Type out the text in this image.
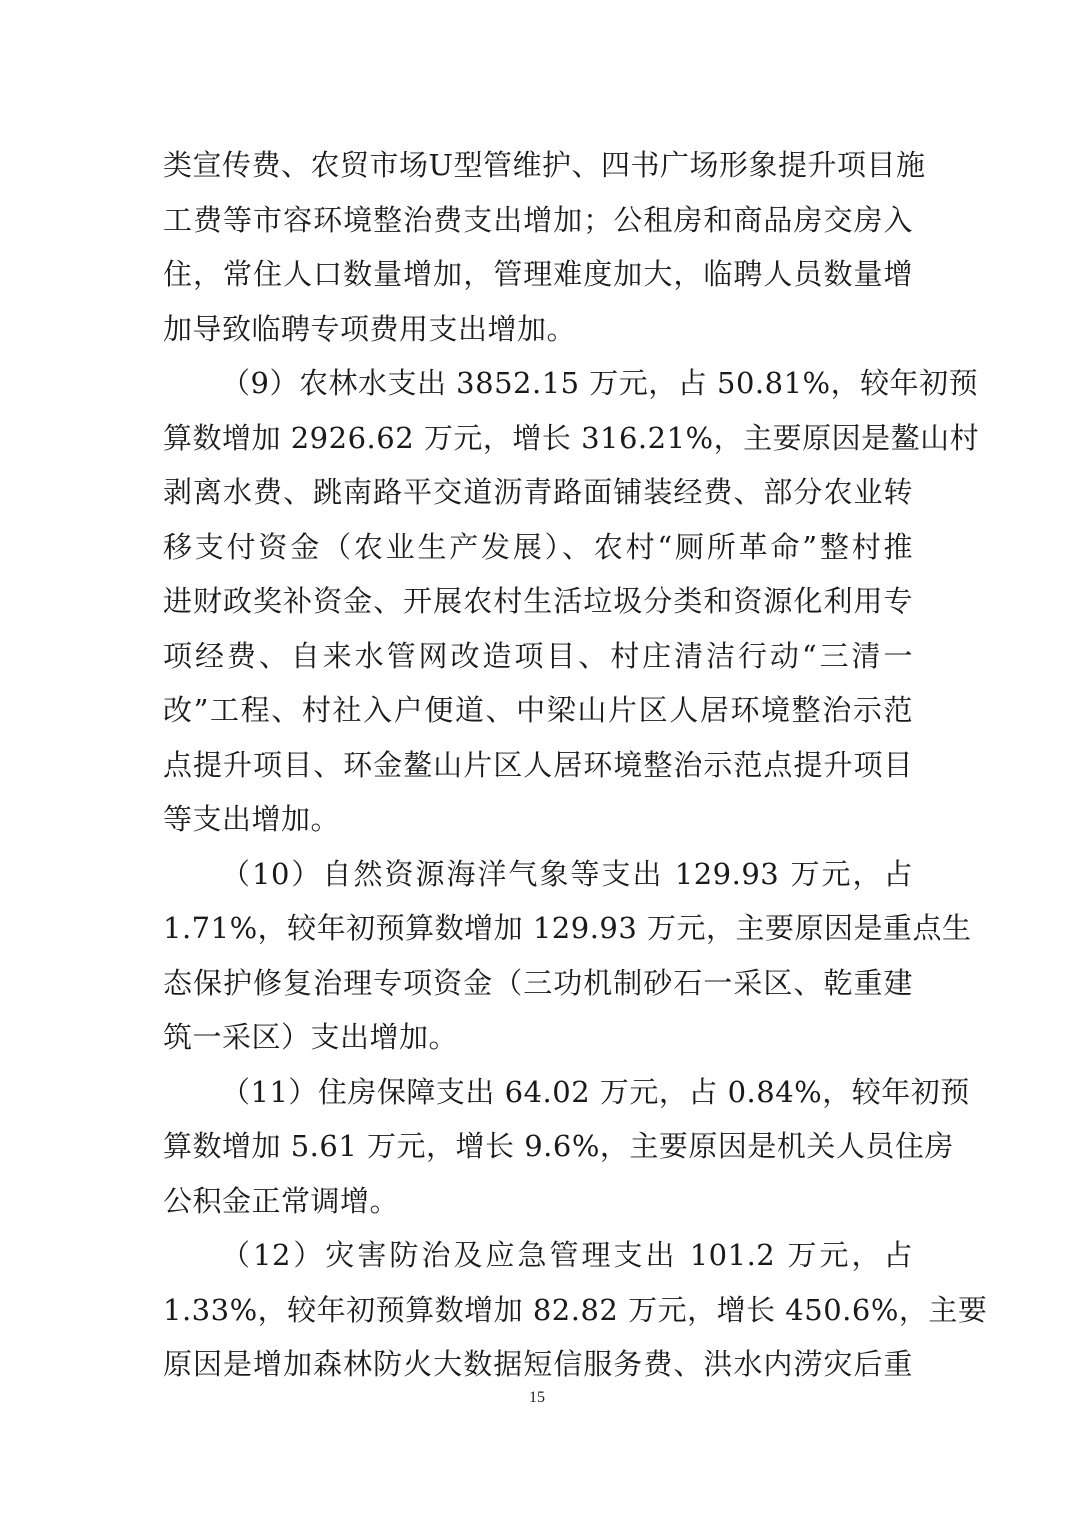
类宣传费、农贸市场U型管维护、四书广场形象提升项目施
工费等市容环境整治费支出增加；公租房和商品房交房入
住，常住人口数量增加，管理难度加大，临聘人员数量增
加导致临聘专项费用支出增加。
（9）农林水支出 3852.15 万元，占 50.81%，较年初预
算数增加 2926.62 万元，增长 316.21%，主要原因是鳌山村
剥离水费、跳南路平交道沥青路面铺装经费、部分农业转
移支付资金（农业生产发展）、农村“厕所革命”整村推
进财政奖补资金、开展农村生活垃圾分类和资源化利用专
项经费、自来水管网改造项目、村庄清洁行动“三清一
改”工程、村社入户便道、中梁山片区人居环境整治示范
点提升项目、环金鳌山片区人居环境整治示范点提升项目
等支出增加。
（10）自然资源海洋气象等支出 129.93 万元，占
1.71%，较年初预算数增加 129.93 万元，主要原因是重点生
态保护修复治理专项资金（三功机制砂石一采区、乾重建
筑一采区）支出增加。
（11）住房保障支出 64.02 万元，占 0.84%，较年初预
算数增加 5.61 万元，增长 9.6%，主要原因是机关人员住房
公积金正常调增。
（12）灾害防治及应急管理支出 101.2 万元，占
1.33%，较年初预算数增加 82.82 万元，增长 450.6%，主要
原因是增加森林防火大数据短信服务费、洪水内涝灾后重
15
